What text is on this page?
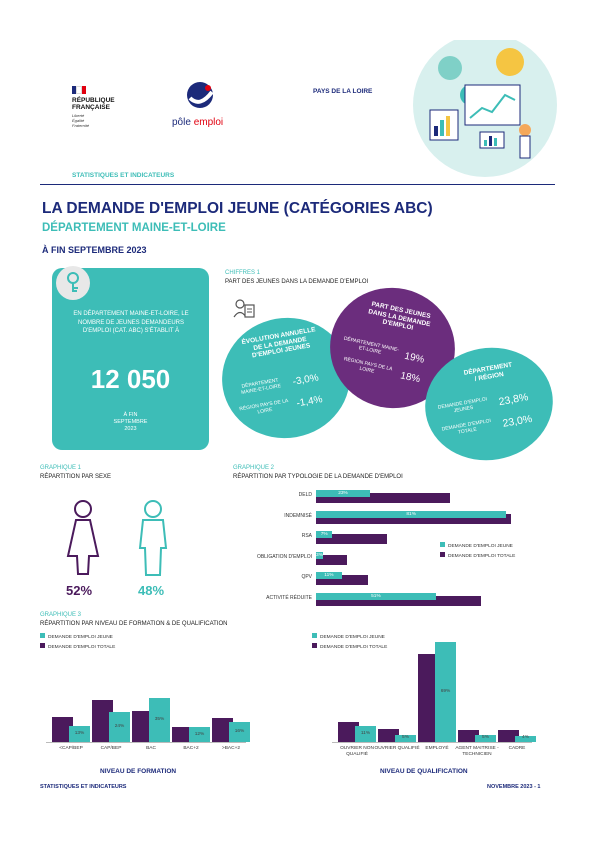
RÉPUBLIQUE
FRANÇAISE
Liberté
Égalité
Fraternité	pôle emploi
PAYS DE LA LOIRE
STATISTIQUES ET INDICATEURS
LA DEMANDE D'EMPLOI JEUNE (CATÉGORIES ABC)
DÉPARTEMENT MAINE-ET-LOIRE
À FIN SEPTEMBRE 2023
EN DÉPARTEMENT MAINE-ET-LOIRE, LE NOMBRE DE JEUNES DEMANDEURS D'EMPLOI (CAT. ABC) S'ÉTABLIT À
12 050
À FIN
SEPTEMBRE
2023
CHIFFRES 1
PART DES JEUNES DANS LA DEMANDE D'EMPLOI
ÉVOLUTION ANNUELLE DE LA DEMANDE D'EMPLOI JEUNES
DÉPARTEMENT MAINE-ET-LOIRE
-3,0%
RÉGION PAYS DE LA LOIRE
-1,4%
PART DES JEUNES DANS LA DEMANDE D'EMPLOI
DÉPARTEMENT MAINE-ET-LOIRE
19%
RÉGION PAYS DE LA LOIRE
18%
DÉPARTEMENT / RÉGION
DEMANDE D'EMPLOI JEUNES
23,8%
DEMANDE D'EMPLOI TOTALE
23,0%
GRAPHIQUE 1
RÉPARTITION PAR SEXE
52%	48%
GRAPHIQUE 2
RÉPARTITION PAR TYPOLOGIE DE LA DEMANDE D'EMPLOI
DELD	23%
INDEMNISÉ	81%
RSA	7%
OBLIGATION D'EMPLOI 3%
QPV	11%
ACTIVITÉ RÉDUITE	51%
DEMANDE D'EMPLOI JEUNE
DEMANDE D'EMPLOI TOTALE
GRAPHIQUE 3
RÉPARTITION PAR NIVEAU DE FORMATION & DE QUALIFICATION
DEMANDE D'EMPLOI JEUNE
DEMANDE D'EMPLOI TOTALE
DEMANDE D'EMPLOI JEUNE
DEMANDE D'EMPLOI TOTALE
13%
<CAP/BEP
24%
CAP/BEP
35%
BAC
12%
BAC+2
16%
>BAC+2
11%
OUVRIER NON QUALIFIÉ
5%
OUVRIER QUALIFIÉ
69%
EMPLOYÉ
5%
AGENT MAITRISE - TECHNICIEN
4%
CADRE
NIVEAU DE FORMATION	NIVEAU DE QUALIFICATION
STATISTIQUES ET INDICATEURS	NOVEMBRE 2023 - 1
